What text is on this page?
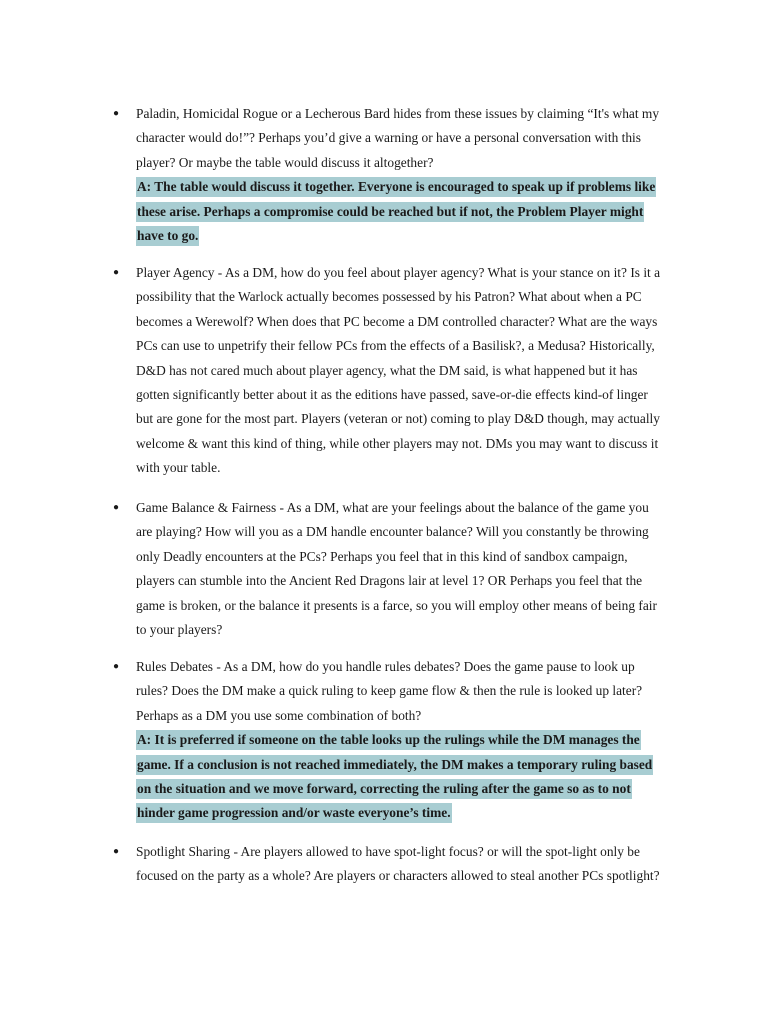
● Paladin, Homicidal Rogue or a Lecherous Bard hides from these issues by claiming “It's what my
character would do!”? Perhaps you’d give a warning or have a personal conversation with this
player? Or maybe the table would discuss it altogether?
A: The table would discuss it together. Everyone is encouraged to speak up if problems like
these arise. Perhaps a compromise could be reached but if not, the Problem Player might
have to go.
● Player Agency - As a DM, how do you feel about player agency? What is your stance on it? Is it a
possibility that the Warlock actually becomes possessed by his Patron? What about when a PC
becomes a Werewolf? When does that PC become a DM controlled character? What are the ways
PCs can use to unpetrify their fellow PCs from the effects of a Basilisk?, a Medusa? Historically,
D&D has not cared much about player agency, what the DM said, is what happened but it has
gotten significantly better about it as the editions have passed, save-or-die effects kind-of linger
but are gone for the most part. Players (veteran or not) coming to play D&D though, may actually
welcome & want this kind of thing, while other players may not. DMs you may want to discuss it
with your table.
● Game Balance & Fairness - As a DM, what are your feelings about the balance of the game you
are playing? How will you as a DM handle encounter balance? Will you constantly be throwing
only Deadly encounters at the PCs? Perhaps you feel that in this kind of sandbox campaign,
players can stumble into the Ancient Red Dragons lair at level 1? OR Perhaps you feel that the
game is broken, or the balance it presents is a farce, so you will employ other means of being fair
to your players?
● Rules Debates - As a DM, how do you handle rules debates? Does the game pause to look up
rules? Does the DM make a quick ruling to keep game flow & then the rule is looked up later?
Perhaps as a DM you use some combination of both?
A: It is preferred if someone on the table looks up the rulings while the DM manages the
game. If a conclusion is not reached immediately, the DM makes a temporary ruling based
on the situation and we move forward, correcting the ruling after the game so as to not
hinder game progression and/or waste everyone’s time.
● Spotlight Sharing - Are players allowed to have spot-light focus? or will the spot-light only be
focused on the party as a whole? Are players or characters allowed to steal another PCs spotlight?
